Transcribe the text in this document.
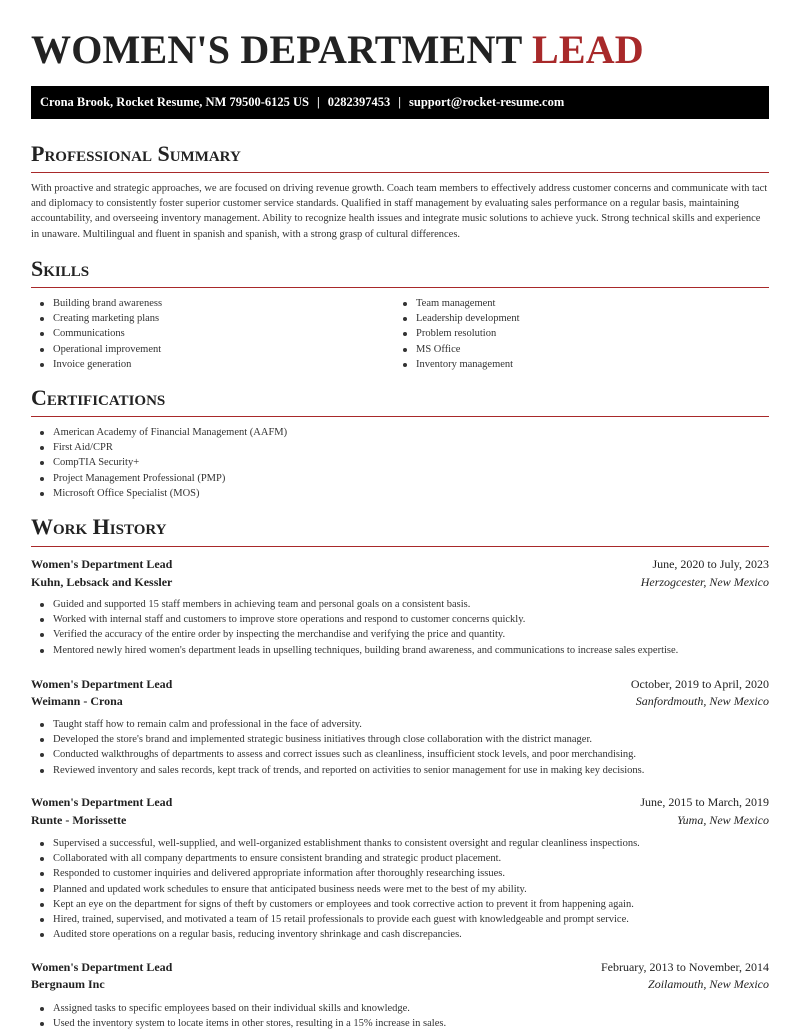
WOMEN'S DEPARTMENT LEAD
Crona Brook, Rocket Resume, NM 79500-6125 US | 0282397453 | support@rocket-resume.com
Professional Summary

With proactive and strategic approaches, we are focused on driving revenue growth. Coach team members to effectively address customer concerns and communicate with tact and diplomacy to consistently foster superior customer service standards. Qualified in staff management by evaluating sales performance on a regular basis, maintaining accountability, and overseeing inventory management. Ability to recognize health issues and integrate music solutions to achieve yuck. Strong technical skills and experience in unaware. Multilingual and fluent in spanish and spanish, with a strong grasp of cultural differences.

Skills
Building brand awareness
Creating marketing plans
Communications
Operational improvement
Invoice generation
Team management
Leadership development
Problem resolution
MS Office
Inventory management
Certifications
American Academy of Financial Management (AAFM)
First Aid/CPR
CompTIA Security+
Project Management Professional (PMP)
Microsoft Office Specialist (MOS)
Work History
Women's Department Lead	June, 2020 to July, 2023
Kuhn, Lebsack and Kessler	Herzogcester, New Mexico
Guided and supported 15 staff members in achieving team and personal goals on a consistent basis.
Worked with internal staff and customers to improve store operations and respond to customer concerns quickly.
Verified the accuracy of the entire order by inspecting the merchandise and verifying the price and quantity.
Mentored newly hired women's department leads in upselling techniques, building brand awareness, and communications to increase sales expertise.
Women's Department Lead	October, 2019 to April, 2020
Weimann - Crona	Sanfordmouth, New Mexico
Taught staff how to remain calm and professional in the face of adversity.
Developed the store's brand and implemented strategic business initiatives through close collaboration with the district manager.
Conducted walkthroughs of departments to assess and correct issues such as cleanliness, insufficient stock levels, and poor merchandising.
Reviewed inventory and sales records, kept track of trends, and reported on activities to senior management for use in making key decisions.
Women's Department Lead	June, 2015 to March, 2019
Runte - Morissette	Yuma, New Mexico
Supervised a successful, well-supplied, and well-organized establishment thanks to consistent oversight and regular cleanliness inspections.
Collaborated with all company departments to ensure consistent branding and strategic product placement.
Responded to customer inquiries and delivered appropriate information after thoroughly researching issues.
Planned and updated work schedules to ensure that anticipated business needs were met to the best of my ability.
Kept an eye on the department for signs of theft by customers or employees and took corrective action to prevent it from happening again.
Hired, trained, supervised, and motivated a team of 15 retail professionals to provide each guest with knowledgeable and prompt service.
Audited store operations on a regular basis, reducing inventory shrinkage and cash discrepancies.
Women's Department Lead	February, 2013 to November, 2014
Bergnaum Inc	Zoilamouth, New Mexico
Assigned tasks to specific employees based on their individual skills and knowledge.
Used the inventory system to locate items in other stores, resulting in a 15% increase in sales.
